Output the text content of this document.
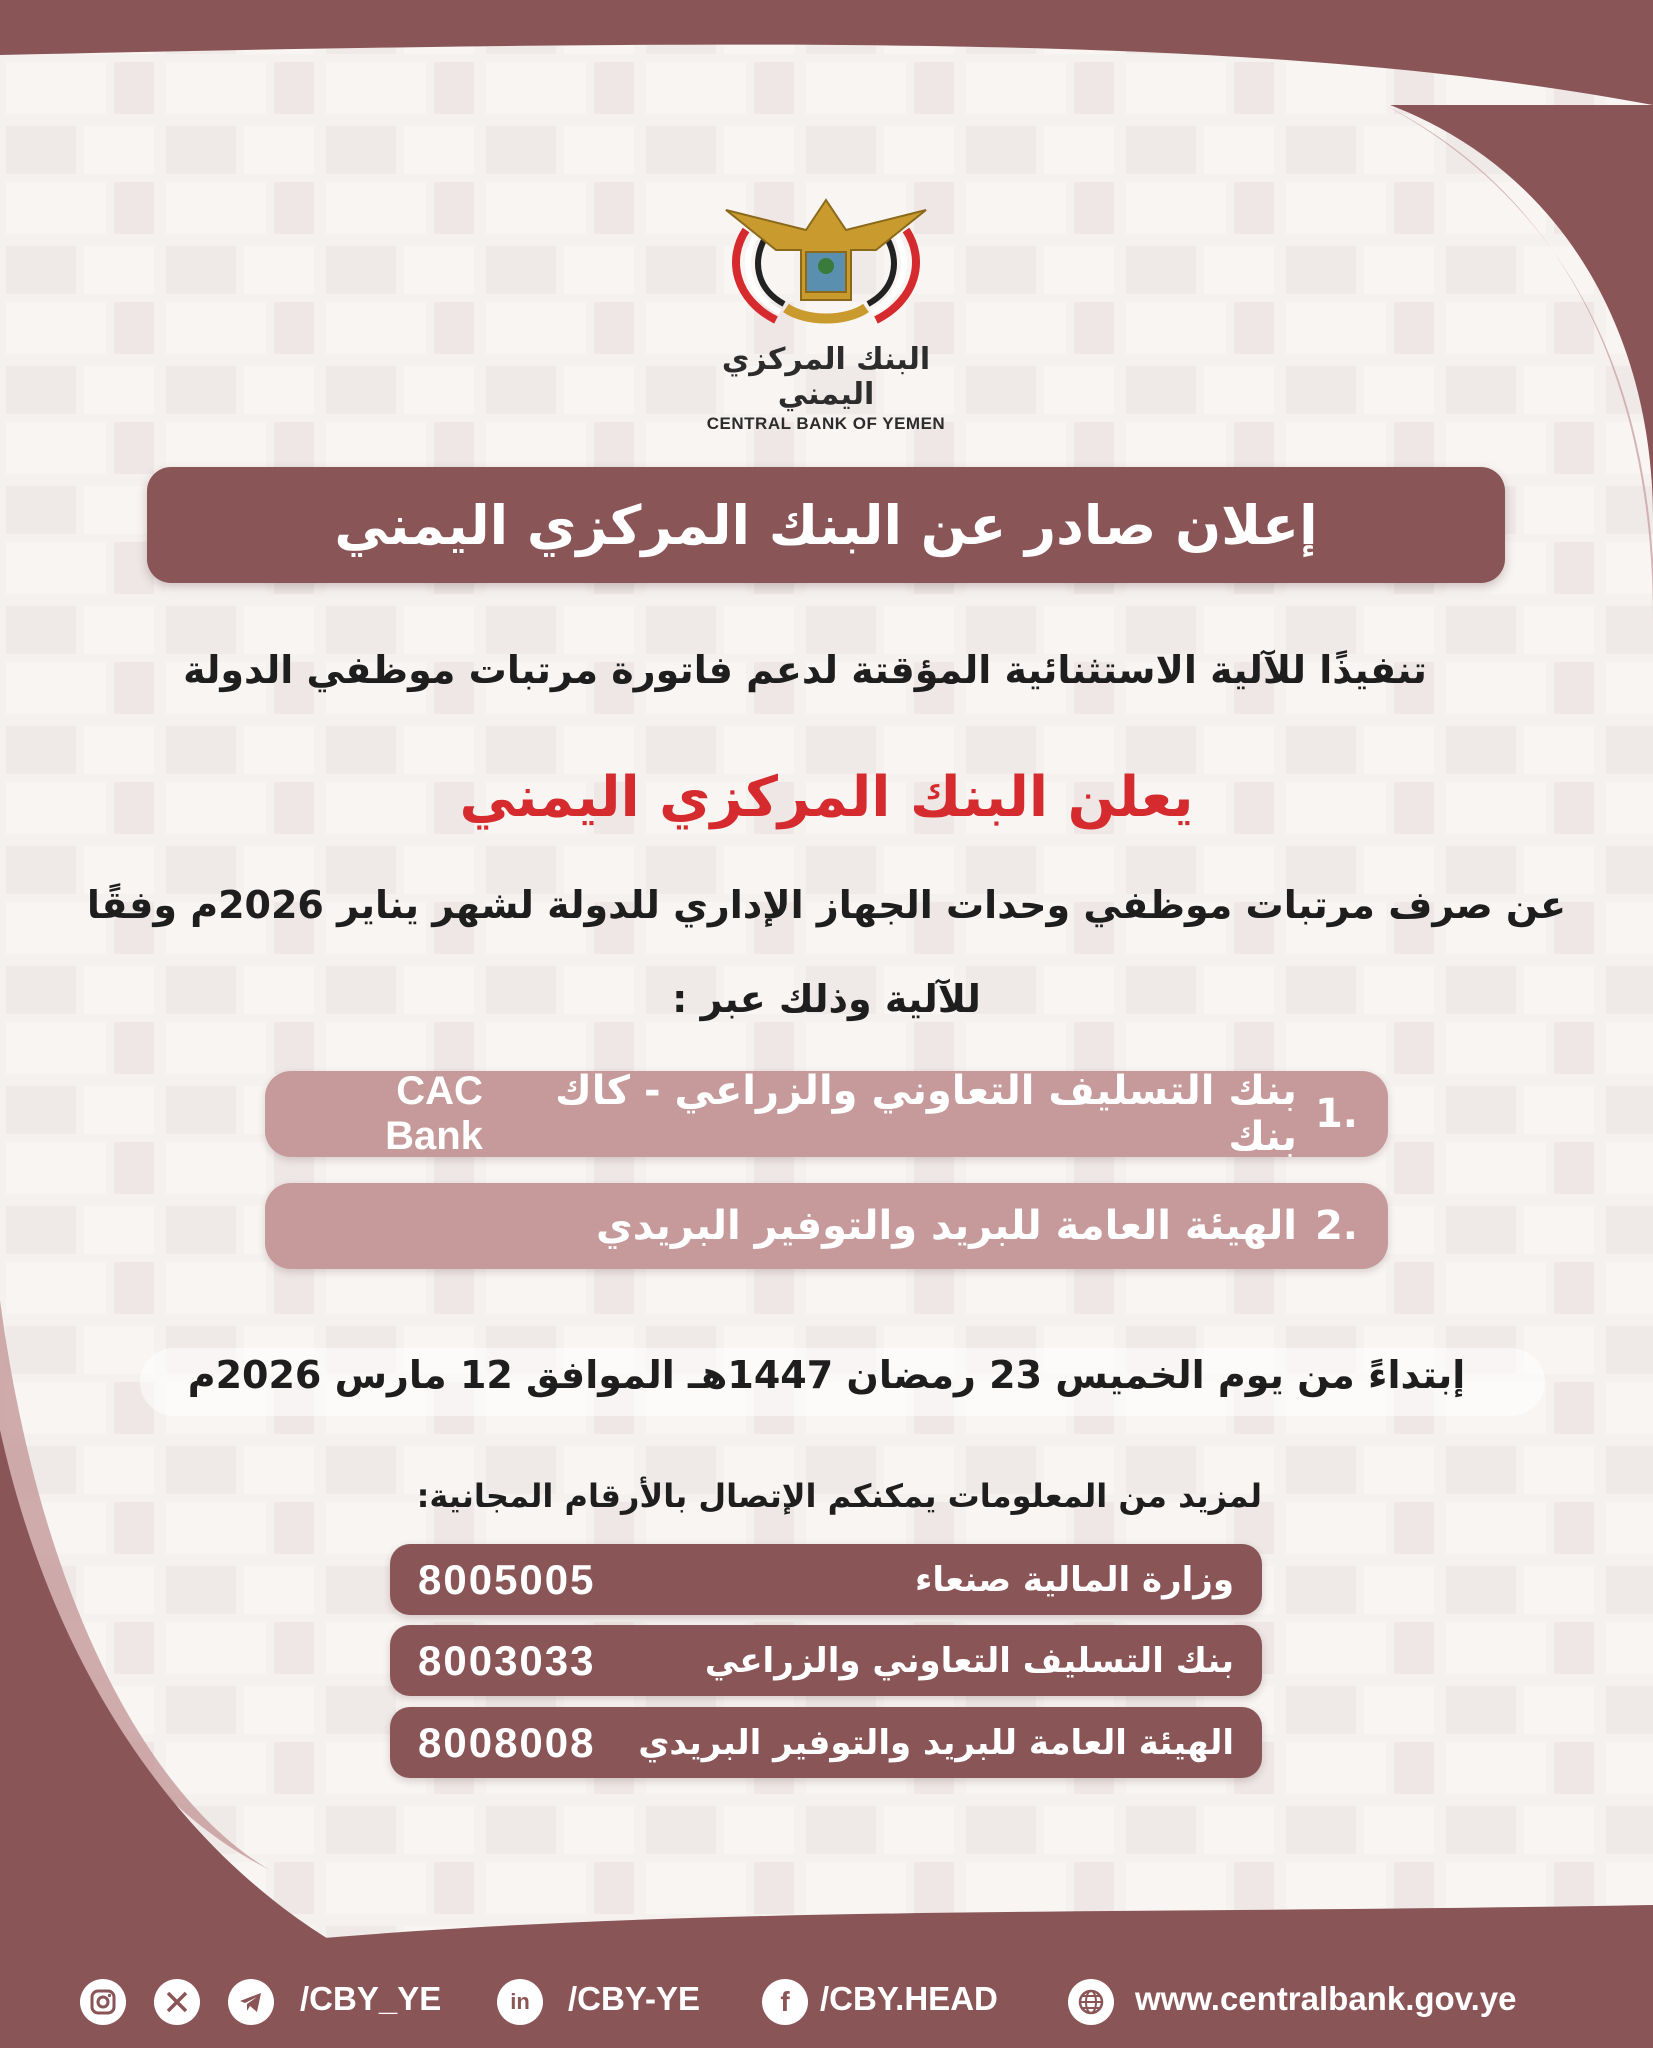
البنك المركزي اليمني
CENTRAL BANK OF YEMEN
إعلان صادر عن البنك المركزي اليمني
تنفيذًا للآلية الاستثنائية المؤقتة لدعم فاتورة مرتبات موظفي الدولة
يعلن البنك المركزي اليمني
عن صرف مرتبات موظفي وحدات الجهاز الإداري للدولة لشهر يناير 2026م وفقًا
للآلية وذلك عبر :
.1
بنك التسليف التعاوني والزراعي - كاك بنك
CAC Bank
.2
الهيئة العامة للبريد والتوفير البريدي
إبتداءً من يوم الخميس 23 رمضان 1447هـ الموافق 12 مارس 2026م
لمزيد من المعلومات يمكنكم الإتصال بالأرقام المجانية:
8005005	وزارة المالية صنعاء
8003033	بنك التسليف التعاوني والزراعي
8008008 الهيئة العامة للبريد والتوفير البريدي
/CBY_YE	in /CBY-YE	f /CBY.HEAD	www.centralbank.gov.ye
